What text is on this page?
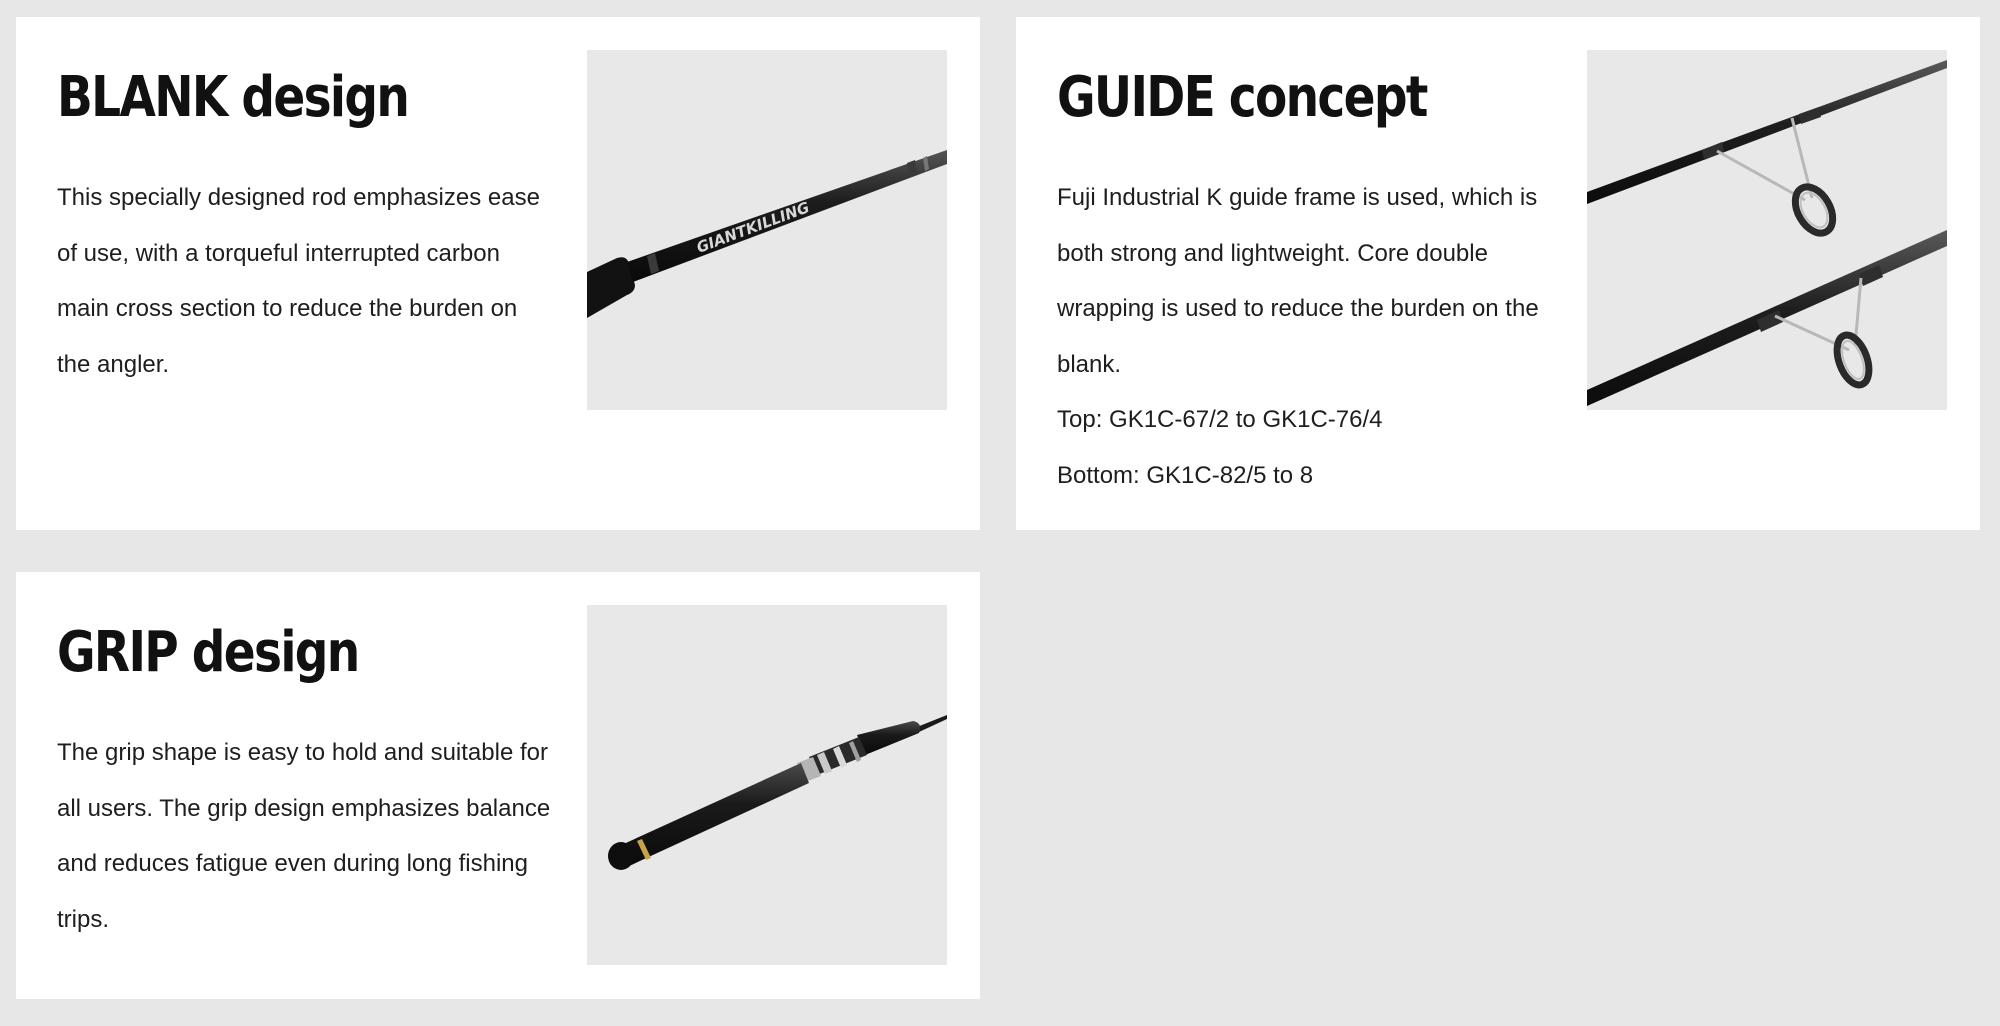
BLANK design

This specially designed rod emphasizes ease of use, with a torqueful interrupted carbon main cross section to reduce the burden on the angler.

GIANTKILLING
GUIDE concept

Fuji Industrial K guide frame is used, which is both strong and lightweight. Core double wrapping is used to reduce the burden on the blank.

Top: GK1C-67/2 to GK1C-76/4

Bottom: GK1C-82/5 to 8

GRIP design

The grip shape is easy to hold and suitable for all users. The grip design emphasizes balance and reduces fatigue even during long fishing trips.
